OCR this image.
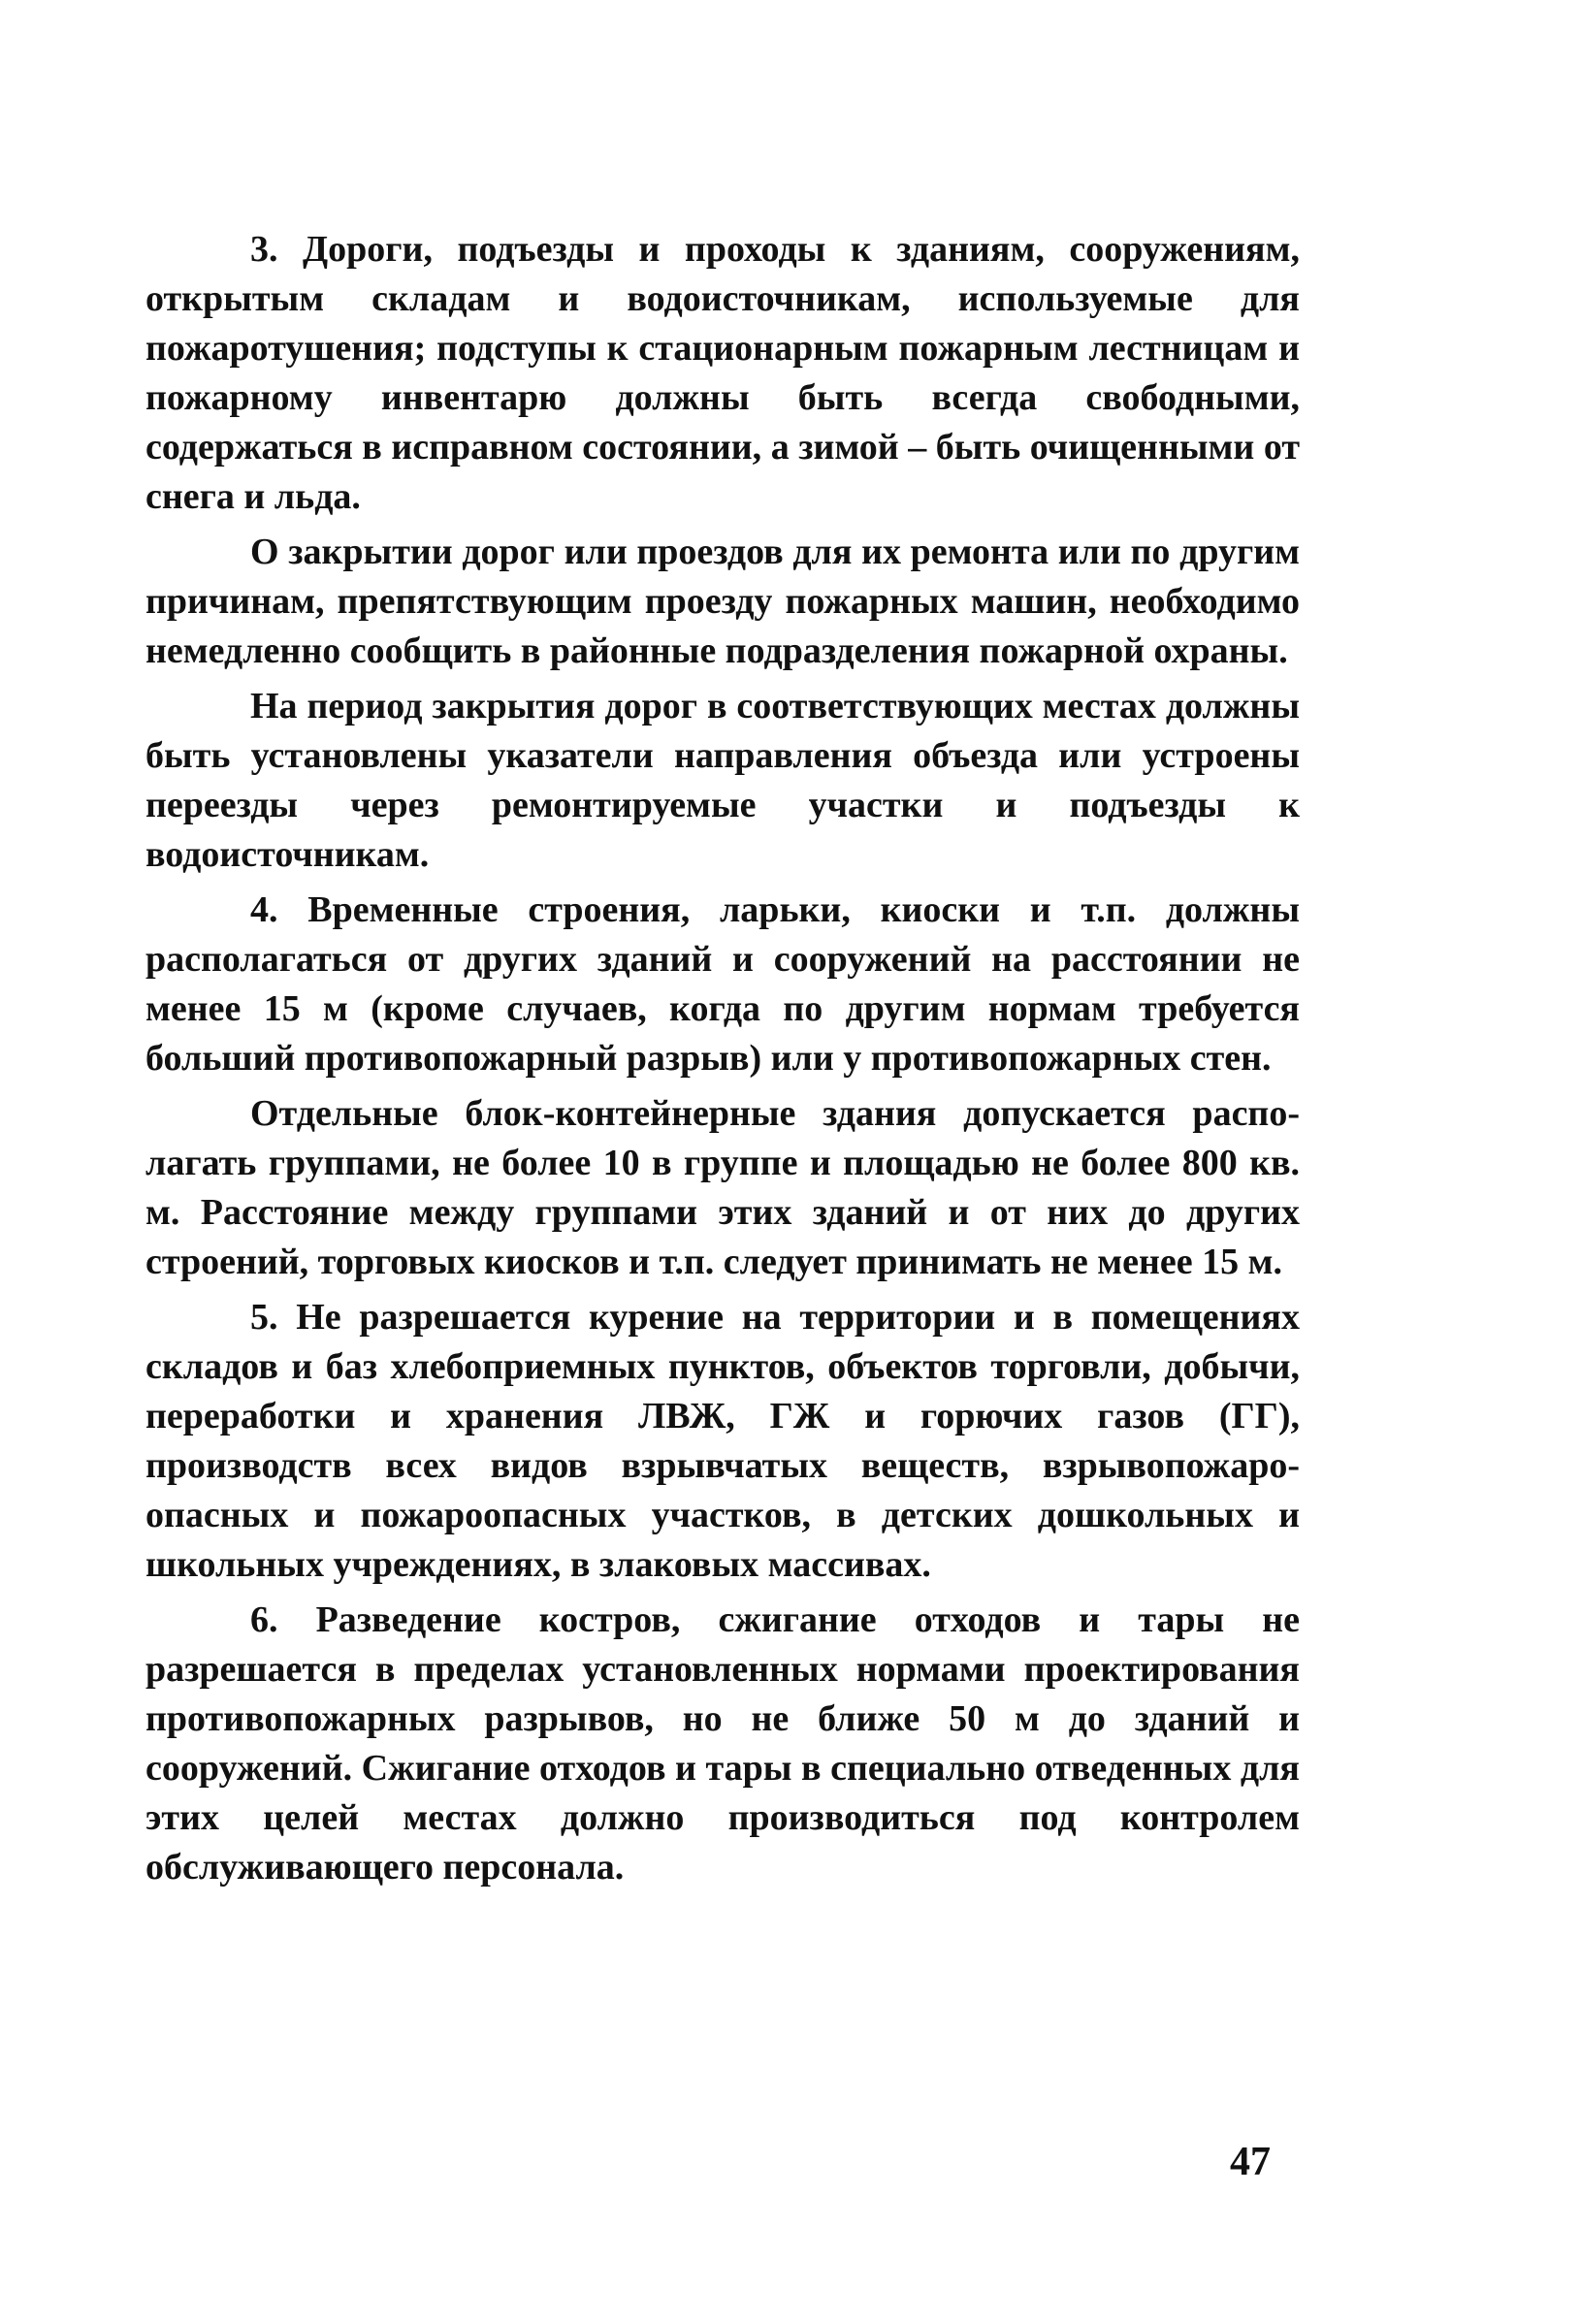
3. Дороги, подъезды и проходы к зданиям, сооружениям, открытым складам и водоисточникам, используемые для пожаротушения; подступы к стационарным пожарным лестницам и пожарному инвентарю должны быть всегда свободными, содержаться в исправном состоянии, а зимой – быть очищенными от снега и льда.

О закрытии дорог или проездов для их ремонта или по другим причинам, препятствующим проезду пожарных машин, необходимо немедленно сообщить в районные подразделения пожарной охраны.

На период закрытия дорог в соответствующих местах должны быть установлены указатели направления объезда или устроены переезды через ремонтируемые участки и подъезды к водоисточникам.

4. Временные строения, ларьки, киоски и т.п. должны располагаться от других зданий и сооружений на расстоянии не менее 15 м (кроме случаев, когда по другим нормам требуется больший противопожарный разрыв) или у противопожарных стен.

Отдельные блок-контейнерные здания допускается располагать группами, не более 10 в группе и площадью не более 800 кв. м. Расстояние между группами этих зданий и от них до других строений, торговых киосков и т.п. следует принимать не менее 15 м.

5. Не разрешается курение на территории и в помещениях складов и баз хлебоприемных пунктов, объектов торговли, добычи, переработки и хранения ЛВЖ, ГЖ и горючих газов (ГГ), производств всех видов взрывчатых веществ, взрывопожароопасных и пожароопасных участков, в детских дошкольных и школьных учреждениях, в злаковых массивах.

6. Разведение костров, сжигание отходов и тары не разрешается в пределах установленных нормами проектирования противопожарных разрывов, но не ближе 50 м до зданий и сооружений. Сжигание отходов и тары в специально отведенных для этих целей местах должно производиться под контролем обслуживающего персонала.

47
